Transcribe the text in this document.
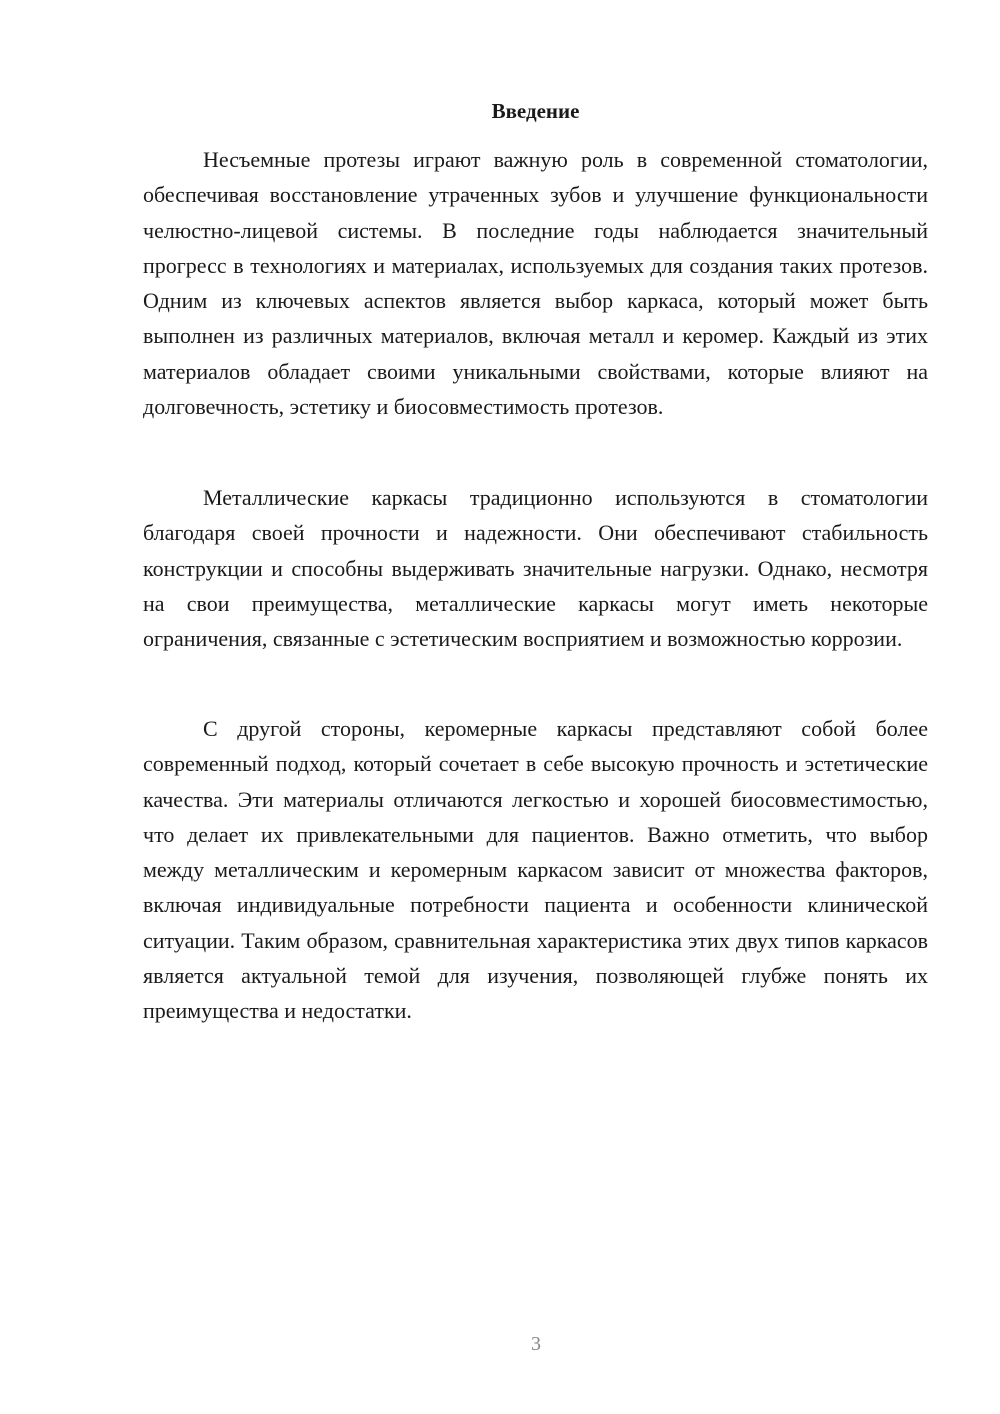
Введение

Несъемные протезы играют важную роль в современной стоматологии, обеспечивая восстановление утраченных зубов и улучшение функциональности челюстно-лицевой системы. В последние годы наблюдается значительный прогресс в технологиях и материалах, используемых для создания таких протезов. Одним из ключевых аспектов является выбор каркаса, который может быть выполнен из различных материалов, включая металл и керомер. Каждый из этих материалов обладает своими уникальными свойствами, которые влияют на долговечность, эстетику и биосовместимость протезов.

Металлические каркасы традиционно используются в стоматологии благодаря своей прочности и надежности. Они обеспечивают стабильность конструкции и способны выдерживать значительные нагрузки. Однако, несмотря на свои преимущества, металлические каркасы могут иметь некоторые ограничения, связанные с эстетическим восприятием и возможностью коррозии.

С другой стороны, керомерные каркасы представляют собой более современный подход, который сочетает в себе высокую прочность и эстетические качества. Эти материалы отличаются легкостью и хорошей биосовместимостью, что делает их привлекательными для пациентов. Важно отметить, что выбор между металлическим и керомерным каркасом зависит от множества факторов, включая индивидуальные потребности пациента и особенности клинической ситуации. Таким образом, сравнительная характеристика этих двух типов каркасов является актуальной темой для изучения, позволяющей глубже понять их преимущества и недостатки.

3
